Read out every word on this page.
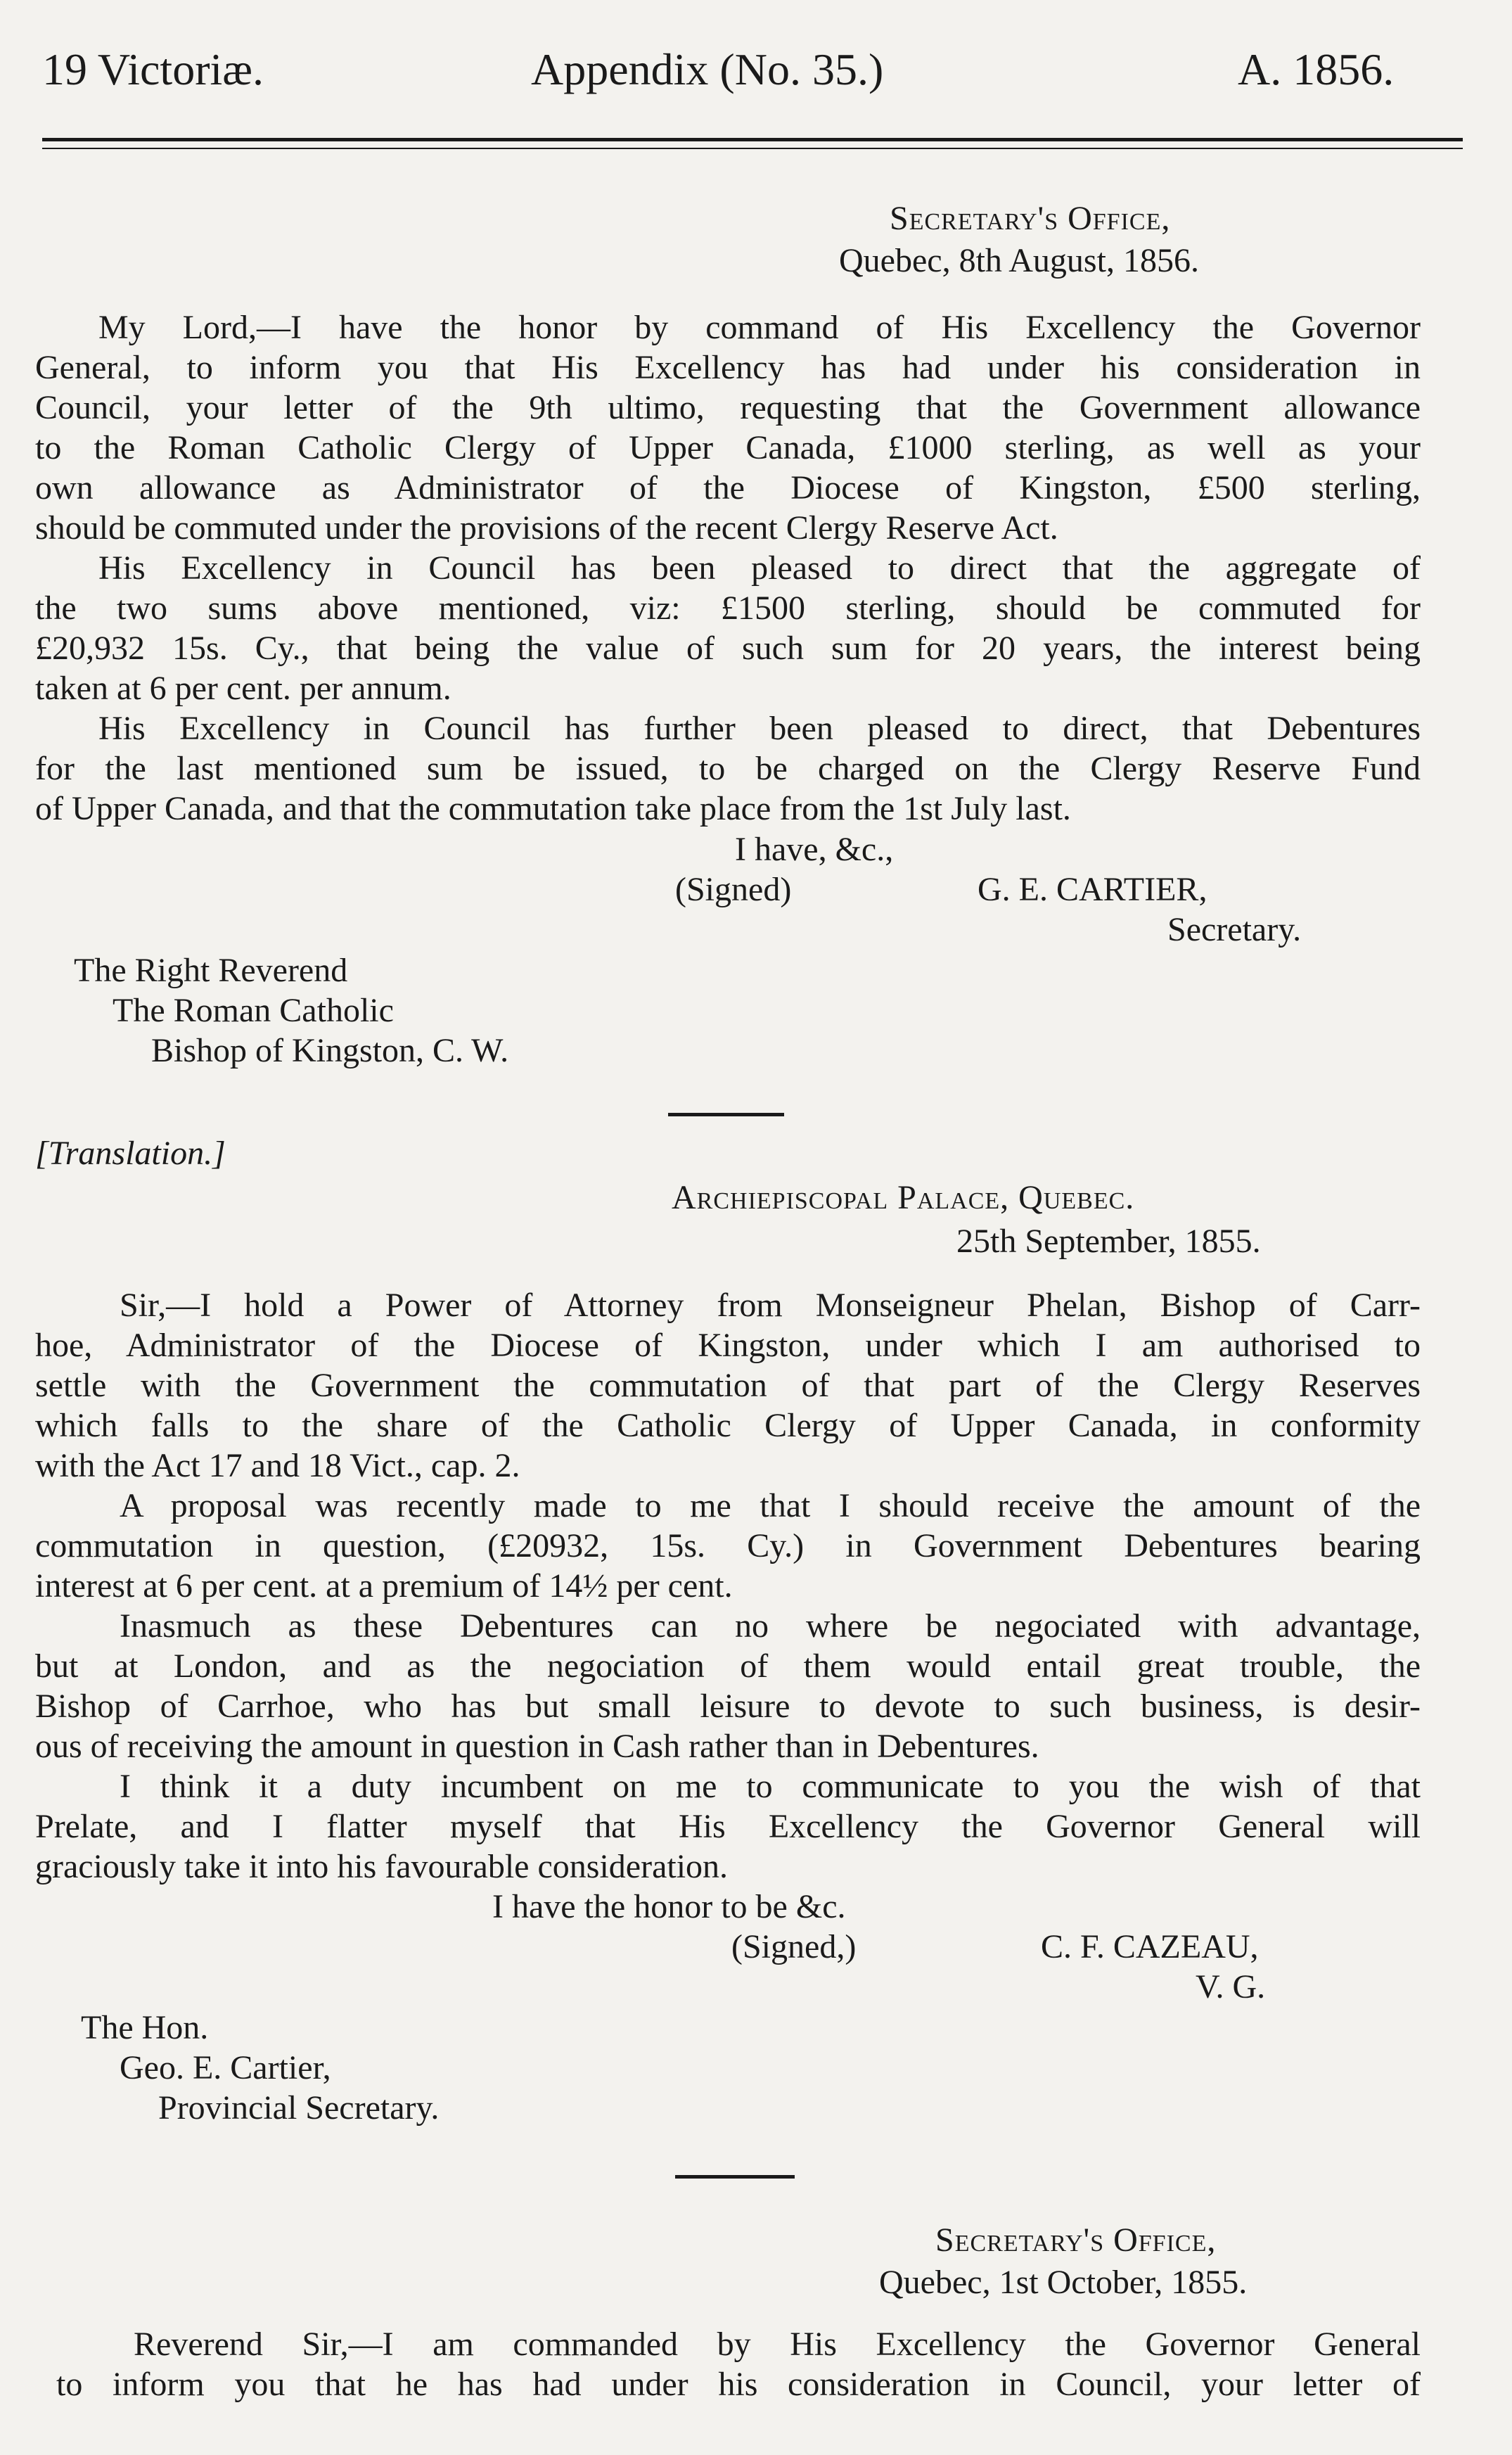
19 Victoriæ.	Appendix (No. 35.)	A. 1856.
Secretary's Office,
Quebec, 8th August, 1856.
My Lord,—I have the honor by command of His Excellency the Governor
General, to inform you that His Excellency has had under his consideration in
Council, your letter of the 9th ultimo, requesting that the Government allowance
to the Roman Catholic Clergy of Upper Canada, £1000 sterling, as well as your
own allowance as Administrator of the Diocese of Kingston, £500 sterling,
should be commuted under the provisions of the recent Clergy Reserve Act.
His Excellency in Council has been pleased to direct that the aggregate of
the two sums above mentioned, viz: £1500 sterling, should be commuted for
£20,932 15s. Cy., that being the value of such sum for 20 years, the interest being
taken at 6 per cent. per annum.
His Excellency in Council has further been pleased to direct, that Debentures
for the last mentioned sum be issued, to be charged on the Clergy Reserve Fund
of Upper Canada, and that the commutation take place from the 1st July last.
I have, &c.,
(Signed)	G. E. CARTIER,
Secretary.
The Right Reverend
The Roman Catholic
Bishop of Kingston, C. W.
[Translation.]
Archiepiscopal Palace, Quebec.
25th September, 1855.
Sir,—I hold a Power of Attorney from Monseigneur Phelan, Bishop of Carr-
hoe, Administrator of the Diocese of Kingston, under which I am authorised to
settle with the Government the commutation of that part of the Clergy Reserves
which falls to the share of the Catholic Clergy of Upper Canada, in conformity
with the Act 17 and 18 Vict., cap. 2.
A proposal was recently made to me that I should receive the amount of the
commutation in question, (£20932, 15s. Cy.) in Government Debentures bearing
interest at 6 per cent. at a premium of 14½ per cent.
Inasmuch as these Debentures can no where be negociated with advantage,
but at London, and as the negociation of them would entail great trouble, the
Bishop of Carrhoe, who has but small leisure to devote to such business, is desir-
ous of receiving the amount in question in Cash rather than in Debentures.
I think it a duty incumbent on me to communicate to you the wish of that
Prelate, and I flatter myself that His Excellency the Governor General will
graciously take it into his favourable consideration.
I have the honor to be &c.
(Signed,)	C. F. CAZEAU,
V. G.
The Hon.
Geo. E. Cartier,
Provincial Secretary.
Secretary's Office,
Quebec, 1st October, 1855.
Reverend Sir,—I am commanded by His Excellency the Governor General
to inform you that he has had under his consideration in Council, your letter of
